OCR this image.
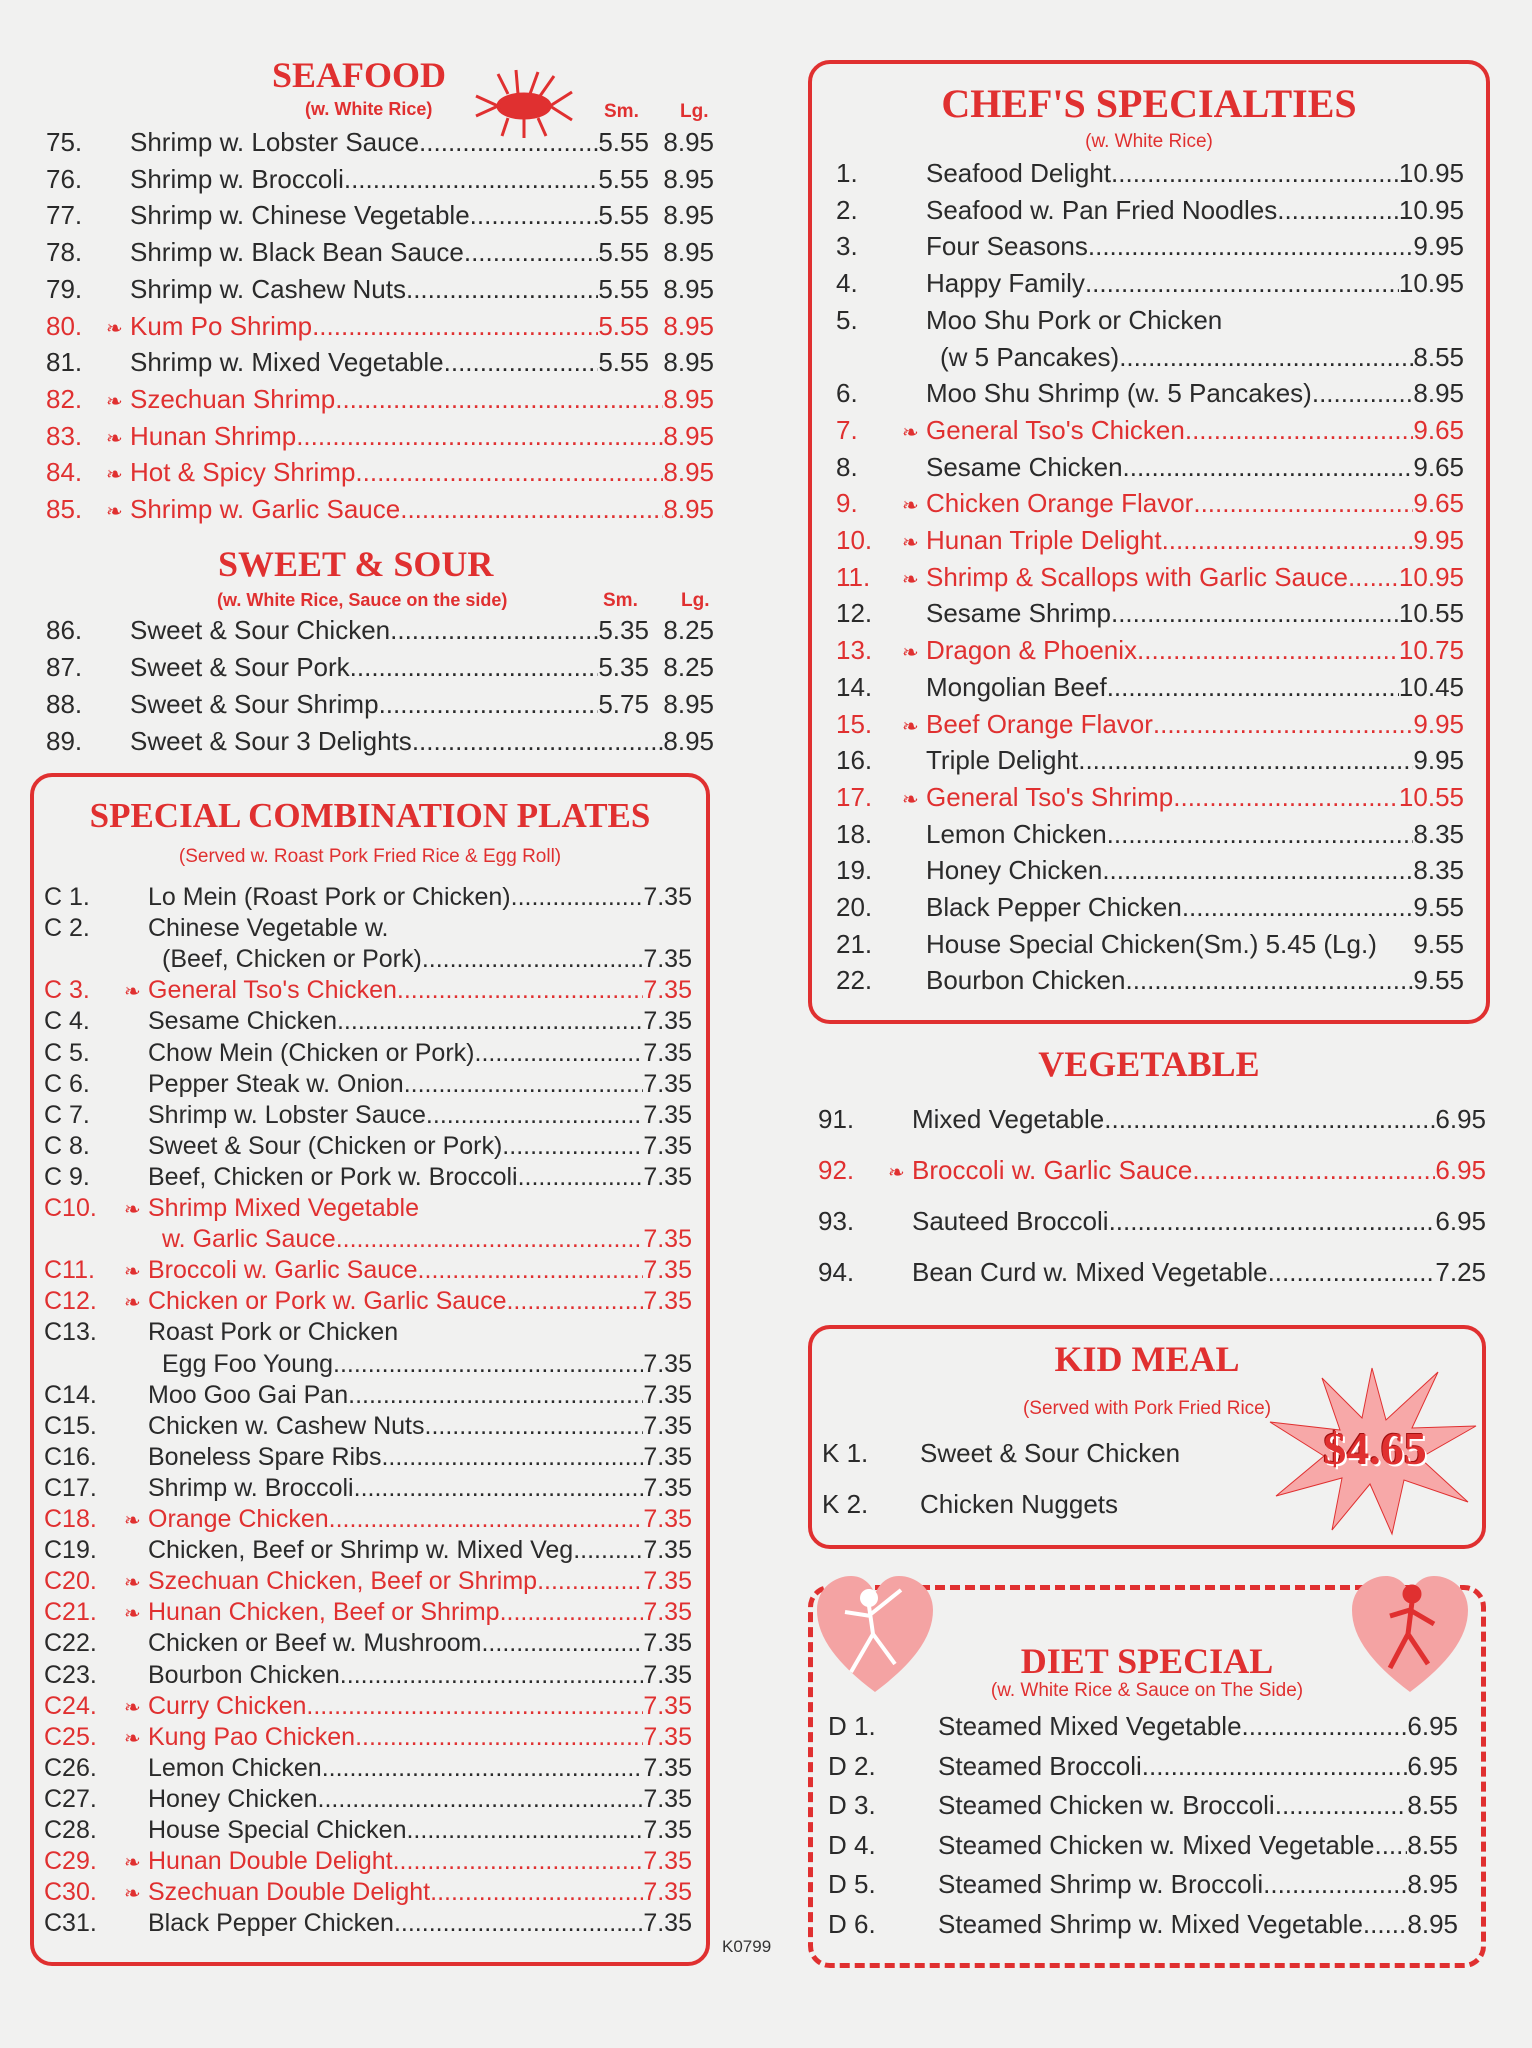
SEAFOOD
(w. White Rice)	Sm. Lg.
75.	Shrimp w. Lobster Sauce .....	5.55  8.95
76.	Shrimp w. Broccoli .....	5.55  8.95
77.	Shrimp w. Chinese Vegetable .....	5.55  8.95
78.	Shrimp w. Black Bean Sauce .....	5.55  8.95
79.	Shrimp w. Cashew Nuts .....	5.55  8.95
80.	❧ Kum Po Shrimp .....	5.55  8.95
81.	Shrimp w. Mixed Vegetable .....	5.55  8.95
82.	❧ Szechuan Shrimp .....	8.95
83.	❧ Hunan Shrimp .....	8.95
84.	❧ Hot & Spicy Shrimp .....	8.95
85.	❧ Shrimp w. Garlic Sauce .....	8.95
SWEET & SOUR
(w. White Rice, Sauce on the side)	Sm. Lg.
86.	Sweet & Sour Chicken .....	5.35  8.25
87.	Sweet & Sour Pork .....	5.35  8.25
88.	Sweet & Sour Shrimp .....	5.75  8.95
89.	Sweet & Sour 3 Delights .....	8.95
SPECIAL COMBINATION PLATES
(Served w. Roast Pork Fried Rice & Egg Roll)
C 1.	Lo Mein (Roast Pork or Chicken) .....	7.35
C 2.	Chinese Vegetable w.
(Beef, Chicken or Pork) .....	7.35
C 3.	❧ General Tso's Chicken .....	7.35
C 4.	Sesame Chicken .....	7.35
C 5.	Chow Mein (Chicken or Pork) .....	7.35
C 6.	Pepper Steak w. Onion .....	7.35
C 7.	Shrimp w. Lobster Sauce .....	7.35
C 8.	Sweet & Sour (Chicken or Pork) .....	7.35
C 9.	Beef, Chicken or Pork w. Broccoli .....	7.35
C10.	❧ Shrimp Mixed Vegetable
w. Garlic Sauce .....	7.35
C11.	❧ Broccoli w. Garlic Sauce .....	7.35
C12.	❧ Chicken or Pork w. Garlic Sauce .....	7.35
C13.	Roast Pork or Chicken
Egg Foo Young .....	7.35
C14.	Moo Goo Gai Pan .....	7.35
C15.	Chicken w. Cashew Nuts .....	7.35
C16.	Boneless Spare Ribs .....	7.35
C17.	Shrimp w. Broccoli .....	7.35
C18.	❧ Orange Chicken .....	7.35
C19.	Chicken, Beef or Shrimp w. Mixed Veg. .....	7.35
C20.	❧ Szechuan Chicken, Beef or Shrimp .....	7.35
C21.	❧ Hunan Chicken, Beef or Shrimp .....	7.35
C22.	Chicken or Beef w. Mushroom .....	7.35
C23.	Bourbon Chicken .....	7.35
C24.	❧ Curry Chicken .....	7.35
C25.	❧ Kung Pao Chicken .....	7.35
C26.	Lemon Chicken .....	7.35
C27.	Honey Chicken .....	7.35
C28.	House Special Chicken .....	7.35
C29.	❧ Hunan Double Delight .....	7.35
C30.	❧ Szechuan Double Delight .....	7.35
C31.	Black Pepper Chicken .....	7.35
K0799
CHEF'S SPECIALTIES
(w. White Rice)
1.	Seafood Delight .....	10.95
2.	Seafood w. Pan Fried Noodles .....	10.95
3.	Four Seasons .....	9.95
4.	Happy Family .....	10.95
5.	Moo Shu Pork or Chicken
(w 5 Pancakes) .....	8.55
6.	Moo Shu Shrimp (w. 5 Pancakes) .....	8.95
7.	❧ General Tso's Chicken .....	9.65
8.	Sesame Chicken .....	9.65
9.	❧ Chicken Orange Flavor .....	9.65
10.	❧ Hunan Triple Delight .....	9.95
11.	❧ Shrimp & Scallops with Garlic Sauce ..... 10.95
12.	Sesame Shrimp .....	10.55
13.	❧ Dragon & Phoenix .....	10.75
14.	Mongolian Beef .....	10.45
15.	❧ Beef Orange Flavor .....	9.95
16.	Triple Delight .....	9.95
17.	❧ General Tso's Shrimp .....	10.55
18.	Lemon Chicken .....	8.35
19.	Honey Chicken .....	8.35
20.	Black Pepper Chicken .....	9.55
21.	House Special Chicken(Sm.) 5.45 (Lg.) 9.55
22.	Bourbon Chicken .....	9.55
VEGETABLE
91.	Mixed Vegetable .....	6.95
92.	❧ Broccoli w. Garlic Sauce .....	6.95
93.	Sauteed Broccoli .....	6.95
94.	Bean Curd w. Mixed Vegetable .....	7.25
KID MEAL
(Served with Pork Fried Rice)
$4.65
K 1.	Sweet & Sour Chicken
K 2.	Chicken Nuggets
DIET SPECIAL
(w. White Rice & Sauce on The Side)
D 1.	Steamed Mixed Vegetable .....	6.95
D 2.	Steamed Broccoli .....	6.95
D 3.	Steamed Chicken w. Broccoli .....	8.55
D 4.	Steamed Chicken w. Mixed Vegetable ..... 8.55
D 5.	Steamed Shrimp w. Broccoli .....	8.95
D 6.	Steamed Shrimp w. Mixed Vegetable ..... 8.95
